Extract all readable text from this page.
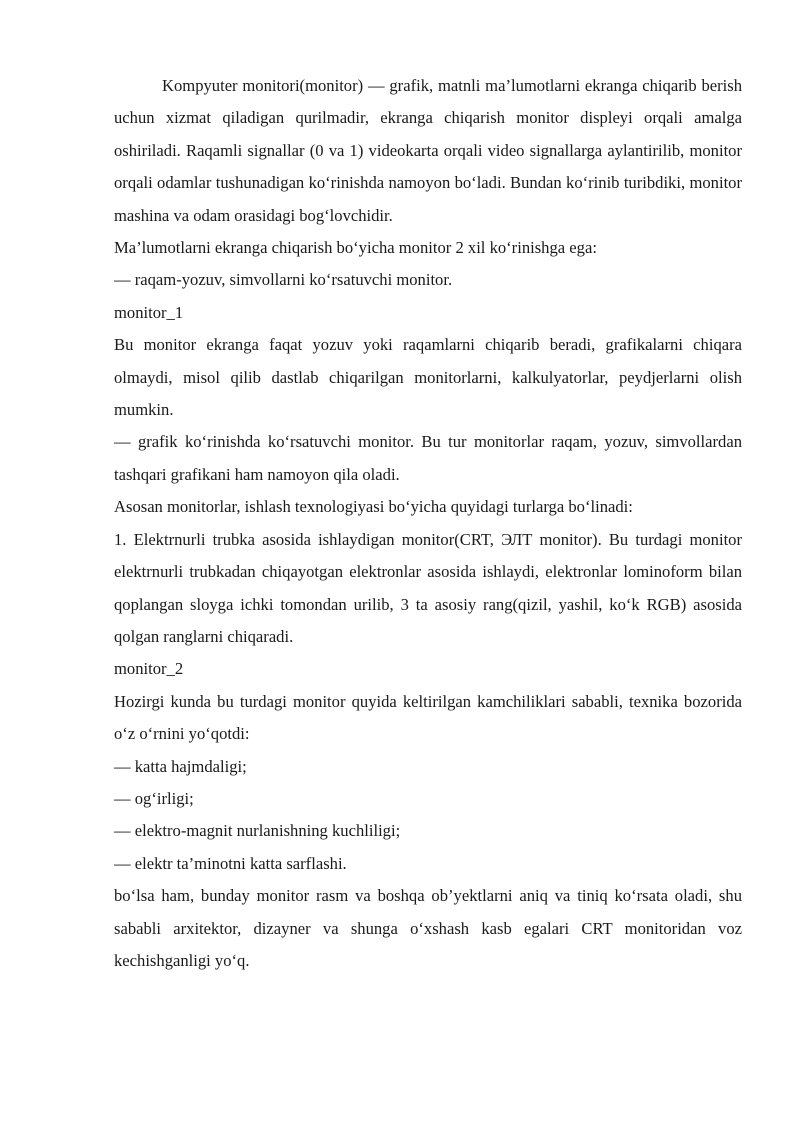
Kompyuter monitori(monitor) — grafik, matnli ma’lumotlarni ekranga chiqarib berish uchun xizmat qiladigan qurilmadir, ekranga chiqarish monitor displeyi orqali amalga oshiriladi. Raqamli signallar (0 va 1) videokarta orqali video signallarga aylantirilib, monitor orqali odamlar tushunadigan ko‘rinishda namoyon bo‘ladi. Bundan ko‘rinib turibdiki, monitor mashina va odam orasidagi bog‘lovchidir.

Ma’lumotlarni ekranga chiqarish bo‘yicha monitor 2 xil ko‘rinishga ega:

— raqam-yozuv, simvollarni ko‘rsatuvchi monitor.

monitor_1

Bu monitor ekranga faqat yozuv yoki raqamlarni chiqarib beradi, grafikalarni chiqara olmaydi, misol qilib dastlab chiqarilgan monitorlarni, kalkulyatorlar, peydjerlarni olish mumkin.

— grafik ko‘rinishda ko‘rsatuvchi monitor. Bu tur monitorlar raqam, yozuv, simvollardan tashqari grafikani ham namoyon qila oladi.

Asosan monitorlar, ishlash texnologiyasi bo‘yicha quyidagi turlarga bo‘linadi:

1. Elektrnurli trubka asosida ishlaydigan monitor(CRT, ЭЛТ monitor). Bu turdagi monitor elektrnurli trubkadan chiqayotgan elektronlar asosida ishlaydi, elektronlar lominoform bilan qoplangan sloyga ichki tomondan urilib, 3 ta asosiy rang(qizil, yashil, ko‘k RGB) asosida qolgan ranglarni chiqaradi.

monitor_2

Hozirgi kunda bu turdagi monitor quyida keltirilgan kamchiliklari sababli, texnika bozorida o‘z o‘rnini yo‘qotdi:

— katta hajmdaligi;

— og‘irligi;

— elektro-magnit nurlanishning kuchliligi;

— elektr ta’minotni katta sarflashi.

bo‘lsa ham, bunday monitor rasm va boshqa ob’yektlarni aniq va tiniq ko‘rsata oladi, shu sababli arxitektor, dizayner va shunga o‘xshash kasb egalari CRT monitoridan voz kechishganligi yo‘q.
